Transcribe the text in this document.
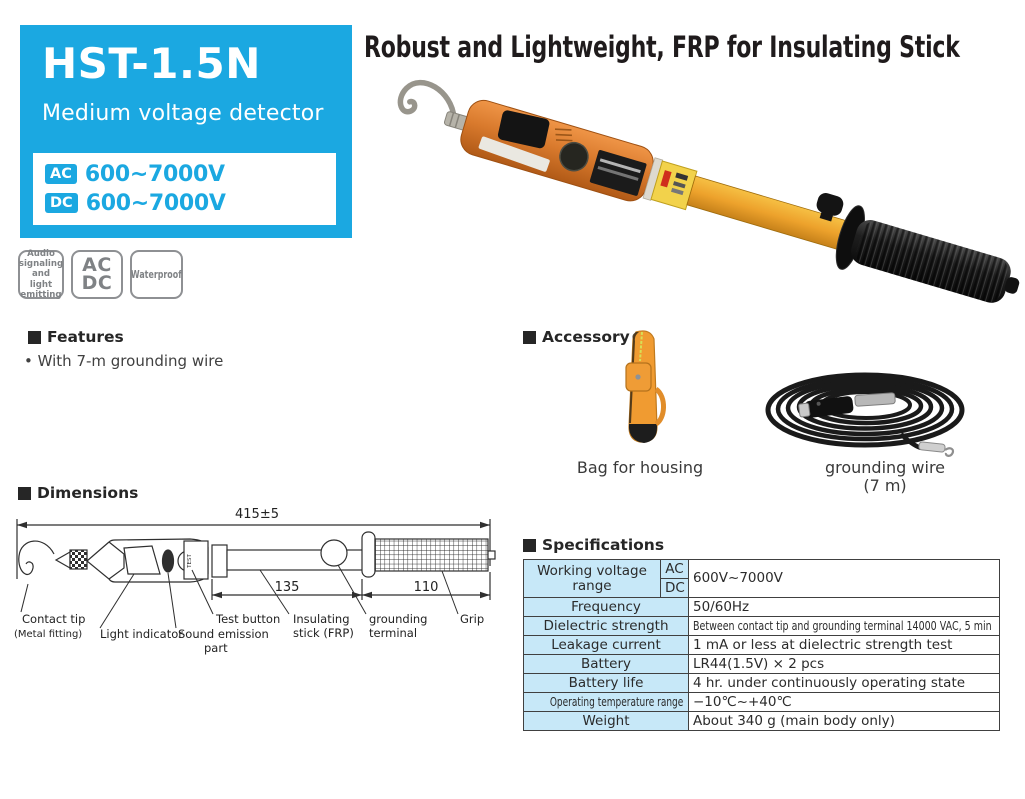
HST-1.5N
Medium voltage detector
AC 600~7000V
DC 600~7000V
Robust and Lightweight, FRP for Insulating Stick
Features
• With 7-m grounding wire
Accessory
Bag for housing	grounding wire
(7 m)
Dimensions
TEST
415±5
135	110
Contact tip
(Metal fitting) Light indicator
Sound emission
part
Test button Insulating
stick (FRP)
grounding
terminal
Grip
Specifications
Working voltage range	AC	600V~7000V
	DC	
Frequency		50/60Hz
Dielectric strength		Between contact tip and grounding terminal 14000 VAC, 5 min
Leakage current		1 mA or less at dielectric strength test
Battery		LR44(1.5V) × 2 pcs
Battery life		4 hr. under continuously operating state

Operating temperature range		−10℃~+40℃
Weight		About 340 g (main body only)
Audio
signaling
and light
emitting
AC
DC Waterproof
